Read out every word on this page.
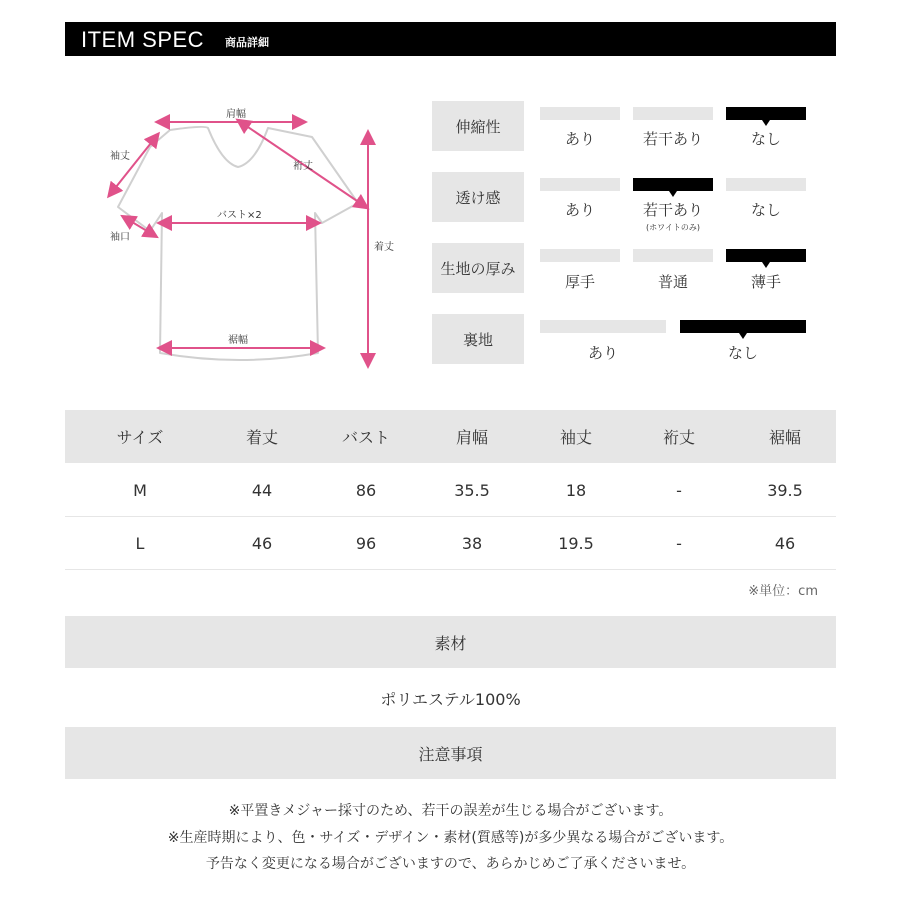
ITEM SPEC 商品詳細
肩幅
袖丈
裄丈
バスト×2
袖口
着丈
裾幅
伸縮性
あり	若干あり	なし
透け感
あり	若干あり	なし
(ホワイトのみ)
生地の厚み
厚手	普通	薄手
裏地
あり	なし
サイズ	着丈	バスト	肩幅	袖丈	裄丈	裾幅
M	44	86	35.5	18	-	39.5
L	46	96	38	19.5	-	46
※単位：cm
素材
ポリエステル100%
注意事項
※平置きメジャー採寸のため、若干の誤差が生じる場合がございます。
※生産時期により、色・サイズ・デザイン・素材(質感等)が多少異なる場合がございます。
予告なく変更になる場合がございますので、あらかじめご了承くださいませ。
